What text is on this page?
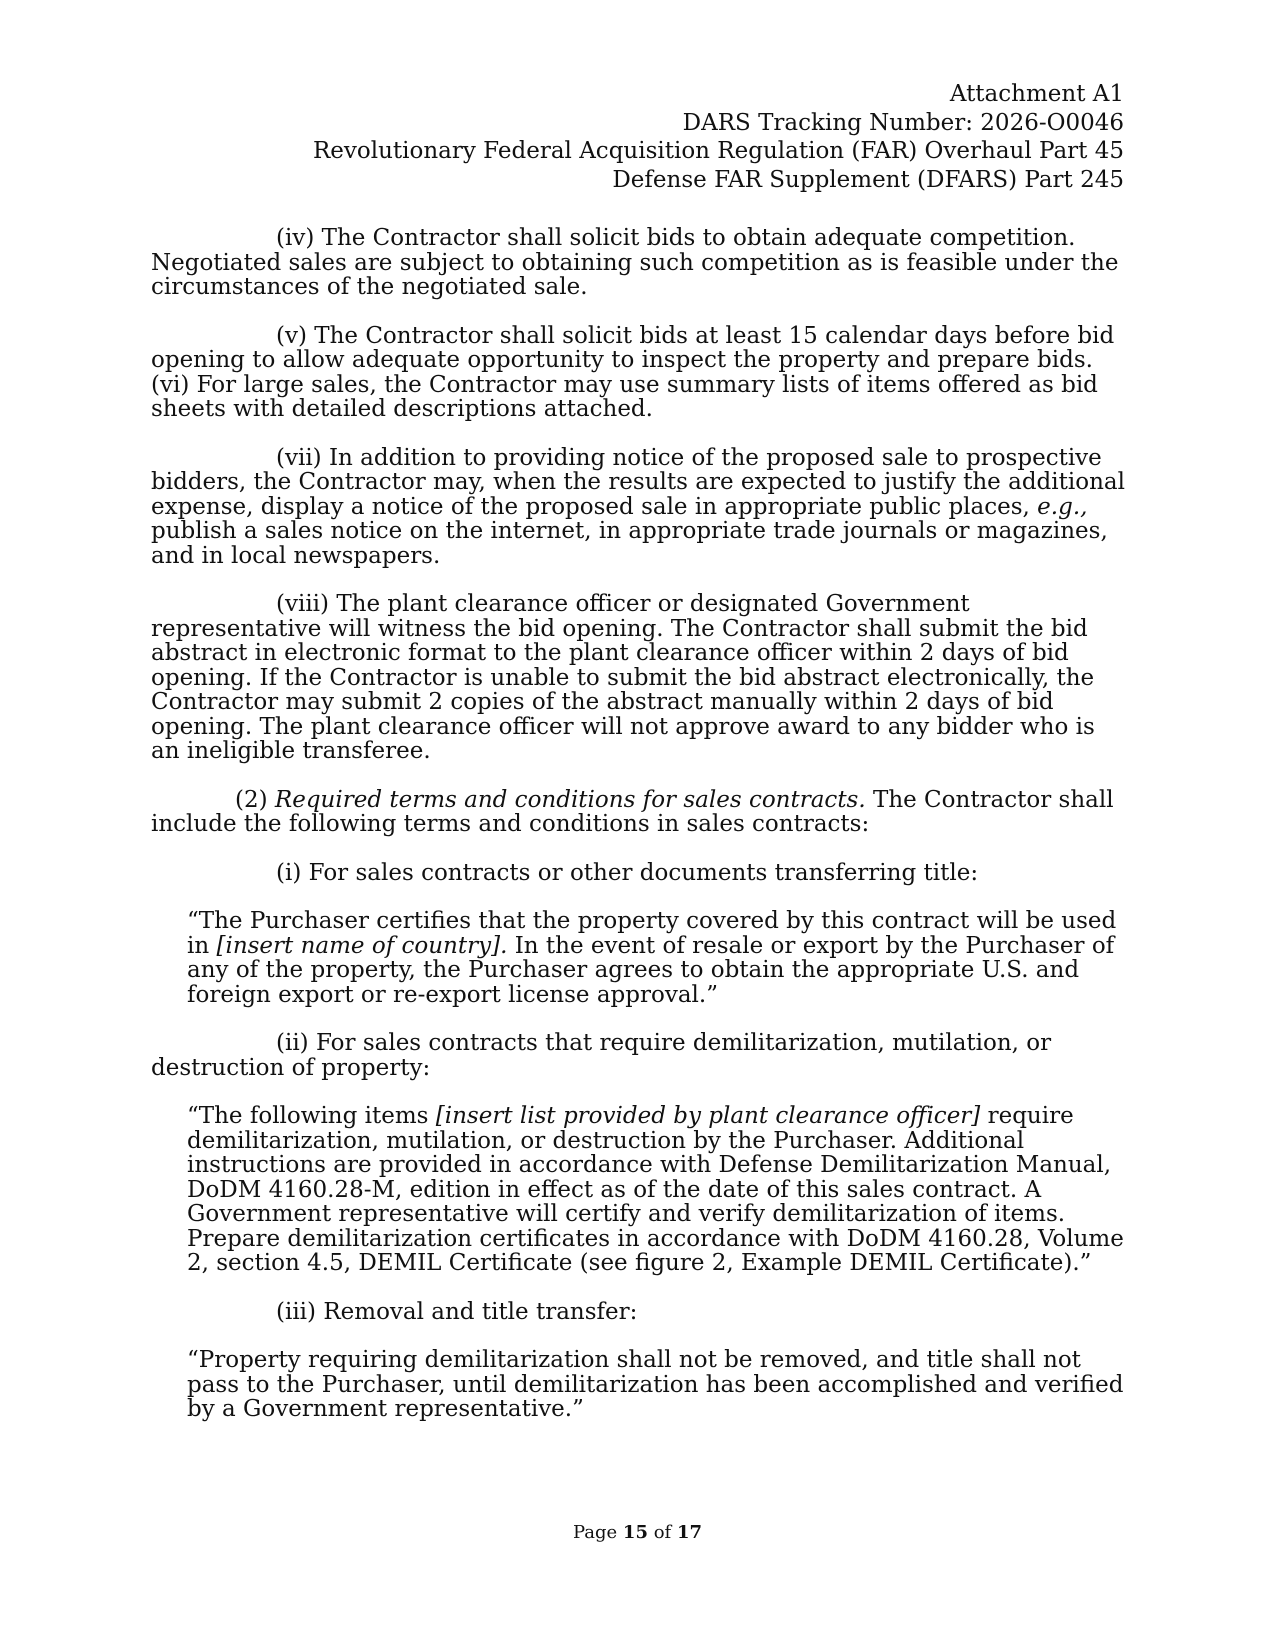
Attachment A1
DARS Tracking Number: 2026-O0046
Revolutionary Federal Acquisition Regulation (FAR) Overhaul Part 45
Defense FAR Supplement (DFARS) Part 245

(iv) The Contractor shall solicit bids to obtain adequate competition. Negotiated sales are subject to obtaining such competition as is feasible under the circumstances of the negotiated sale.

(v) The Contractor shall solicit bids at least 15 calendar days before bid opening to allow adequate opportunity to inspect the property and prepare bids.

(vi) For large sales, the Contractor may use summary lists of items offered as bid sheets with detailed descriptions attached.

(vii) In addition to providing notice of the proposed sale to prospective bidders, the Contractor may, when the results are expected to justify the additional expense, display a notice of the proposed sale in appropriate public places, e.g., publish a sales notice on the internet, in appropriate trade journals or magazines, and in local newspapers.

(viii) The plant clearance officer or designated Government representative will witness the bid opening. The Contractor shall submit the bid abstract in electronic format to the plant clearance officer within 2 days of bid opening. If the Contractor is unable to submit the bid abstract electronically, the Contractor may submit 2 copies of the abstract manually within 2 days of bid opening. The plant clearance officer will not approve award to any bidder who is an ineligible transferee.

(2) Required terms and conditions for sales contracts. The Contractor shall include the following terms and conditions in sales contracts:

(i) For sales contracts or other documents transferring title:

“The Purchaser certifies that the property covered by this contract will be used in [insert name of country]. In the event of resale or export by the Purchaser of any of the property, the Purchaser agrees to obtain the appropriate U.S. and foreign export or re-export license approval.”

(ii) For sales contracts that require demilitarization, mutilation, or destruction of property:

“The following items [insert list provided by plant clearance officer] require demilitarization, mutilation, or destruction by the Purchaser. Additional instructions are provided in accordance with Defense Demilitarization Manual, DoDM 4160.28-M, edition in effect as of the date of this sales contract. A Government representative will certify and verify demilitarization of items. Prepare demilitarization certificates in accordance with DoDM 4160.28, Volume 2, section 4.5, DEMIL Certificate (see figure 2, Example DEMIL Certificate).”

(iii) Removal and title transfer:

“Property requiring demilitarization shall not be removed, and title shall not pass to the Purchaser, until demilitarization has been accomplished and verified by a Government representative.”

Page 15 of 17
